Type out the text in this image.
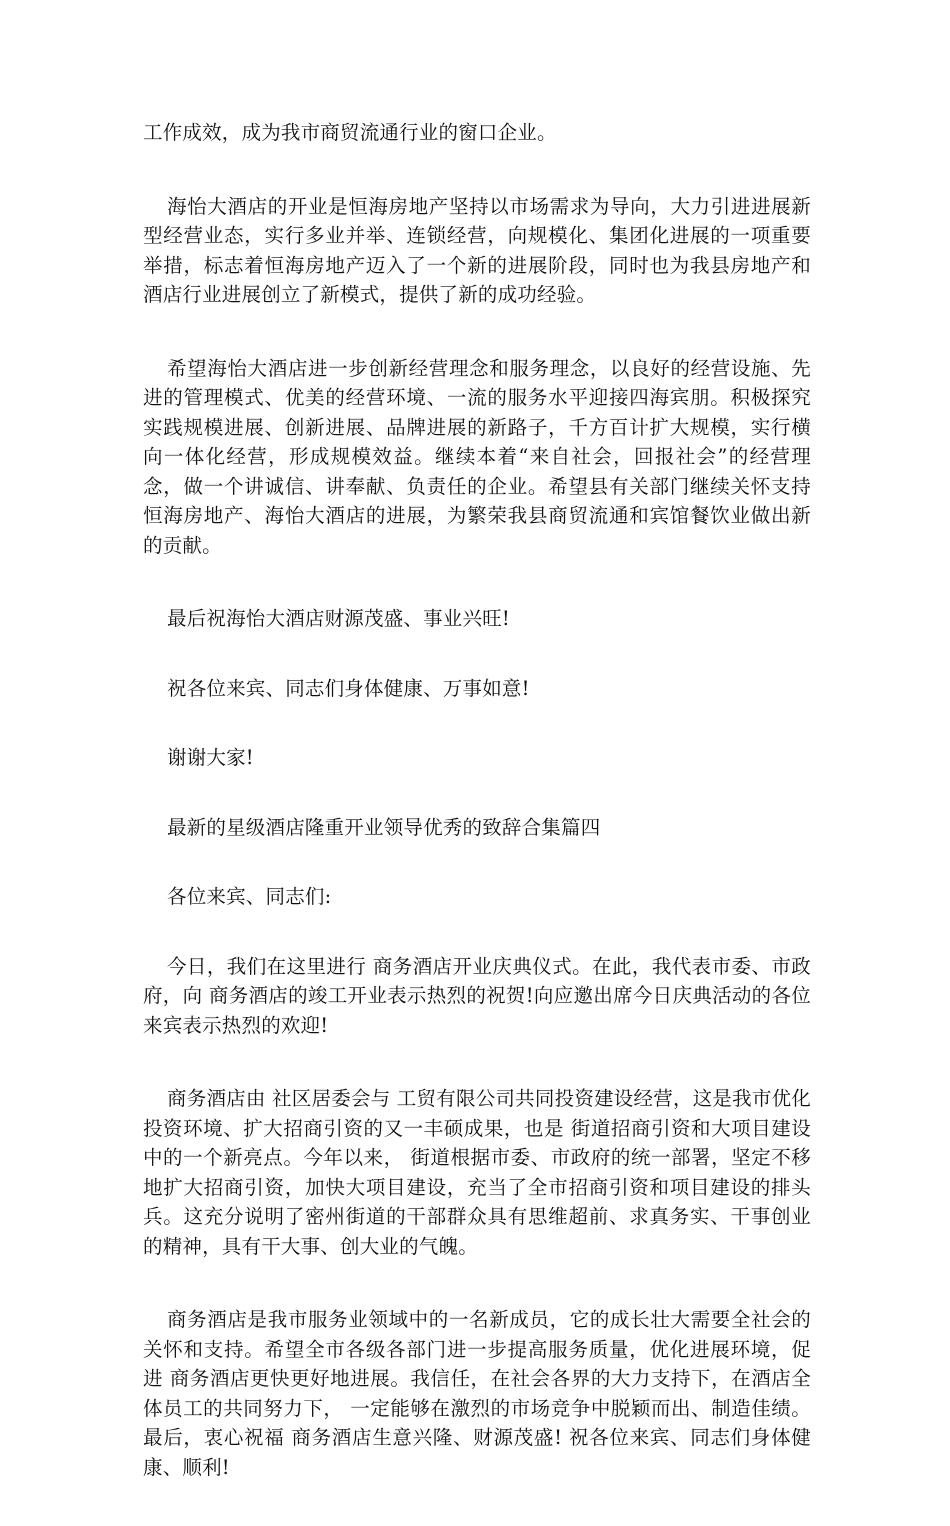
工作成效，成为我市商贸流通行业的窗口企业。

海怡大酒店的开业是恒海房地产坚持以市场需求为导向，大力引进进展新型经营业态，实行多业并举、连锁经营，向规模化、集团化进展的一项重要举措，标志着恒海房地产迈入了一个新的进展阶段，同时也为我县房地产和酒店行业进展创立了新模式，提供了新的成功经验。

希望海怡大酒店进一步创新经营理念和服务理念，以良好的经营设施、先进的管理模式、优美的经营环境、一流的服务水平迎接四海宾朋。积极探究实践规模进展、创新进展、品牌进展的新路子，千方百计扩大规模，实行横向一体化经营，形成规模效益。继续本着“来自社会，回报社会”的经营理念，做一个讲诚信、讲奉献、负责任的企业。希望县有关部门继续关怀支持恒海房地产、海怡大酒店的进展，为繁荣我县商贸流通和宾馆餐饮业做出新的贡献。

最后祝海怡大酒店财源茂盛、事业兴旺!

祝各位来宾、同志们身体健康、万事如意!

谢谢大家!

最新的星级酒店隆重开业领导优秀的致辞合集篇四

各位来宾、同志们:

今日，我们在这里进行 商务酒店开业庆典仪式。在此，我代表市委、市政府，向 商务酒店的竣工开业表示热烈的祝贺!向应邀出席今日庆典活动的各位来宾表示热烈的欢迎!

商务酒店由 社区居委会与 工贸有限公司共同投资建设经营，这是我市优化投资环境、扩大招商引资的又一丰硕成果，也是 街道招商引资和大项目建设中的一个新亮点。今年以来， 街道根据市委、市政府的统一部署，坚定不移地扩大招商引资，加快大项目建设，充当了全市招商引资和项目建设的排头兵。这充分说明了密州街道的干部群众具有思维超前、求真务实、干事创业的精神，具有干大事、创大业的气魄。

商务酒店是我市服务业领域中的一名新成员，它的成长壮大需要全社会的关怀和支持。希望全市各级各部门进一步提高服务质量，优化进展环境，促进 商务酒店更快更好地进展。我信任，在社会各界的大力支持下，在酒店全体员工的共同努力下， 一定能够在激烈的市场竞争中脱颖而出、制造佳绩。 最后，衷心祝福 商务酒店生意兴隆、财源茂盛! 祝各位来宾、同志们身体健康、顺利!
